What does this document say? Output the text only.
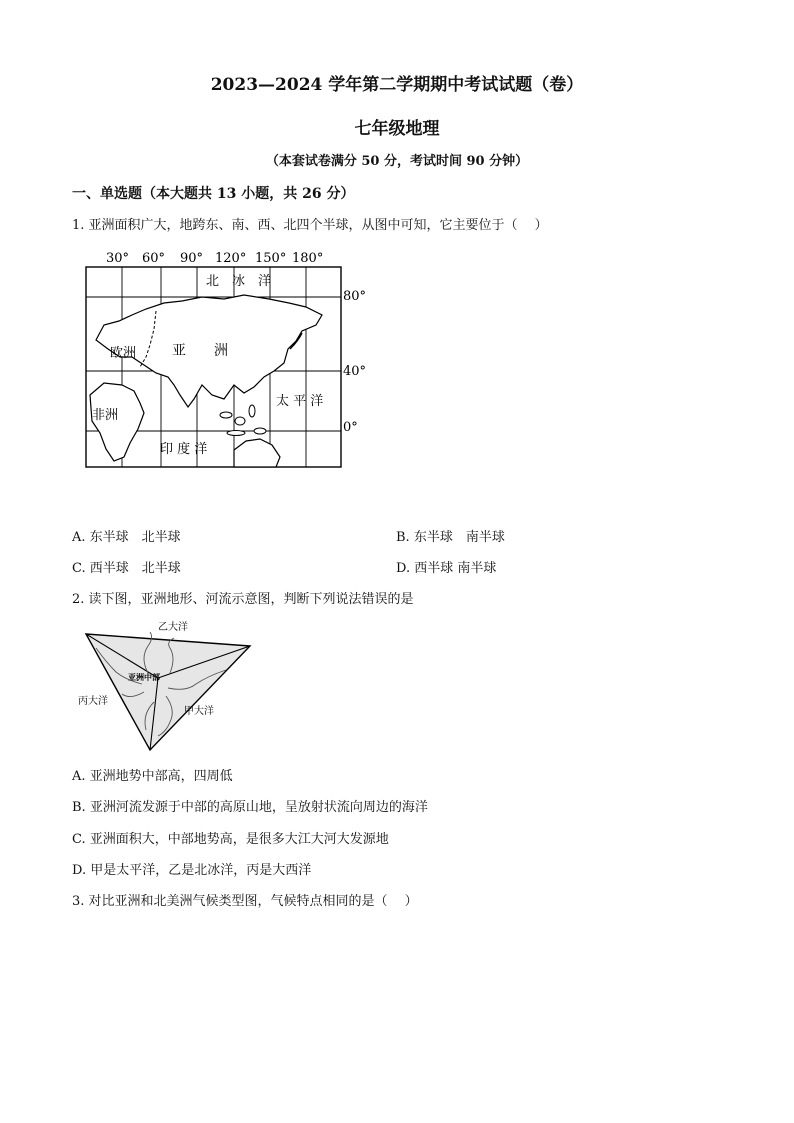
2023—2024 学年第二学期期中考试试题（卷）
七年级地理
（本套试卷满分 50 分，考试时间 90 分钟）
一、单选题（本大题共 13 小题，共 26 分）
1. 亚洲面积广大，地跨东、南、西、北四个半球，从图中可知，它主要位于（　 ）
30° 60° 90° 120° 150° 180°
80°
40°
0°
北　冰　洋
亚　　洲
欧洲
非洲
太 平 洋
印 度 洋
A. 东半球　北半球	B. 东半球　南半球
C. 西半球　北半球	D. 西半球 南半球
2. 读下图，亚洲地形、河流示意图，判断下列说法错误的是
乙大洋
丙大洋
甲大洋
亚洲中部
A. 亚洲地势中部高，四周低
B. 亚洲河流发源于中部的高原山地，呈放射状流向周边的海洋
C. 亚洲面积大，中部地势高，是很多大江大河大发源地
D. 甲是太平洋，乙是北冰洋，丙是大西洋
3. 对比亚洲和北美洲气候类型图，气候特点相同的是（　 ）
